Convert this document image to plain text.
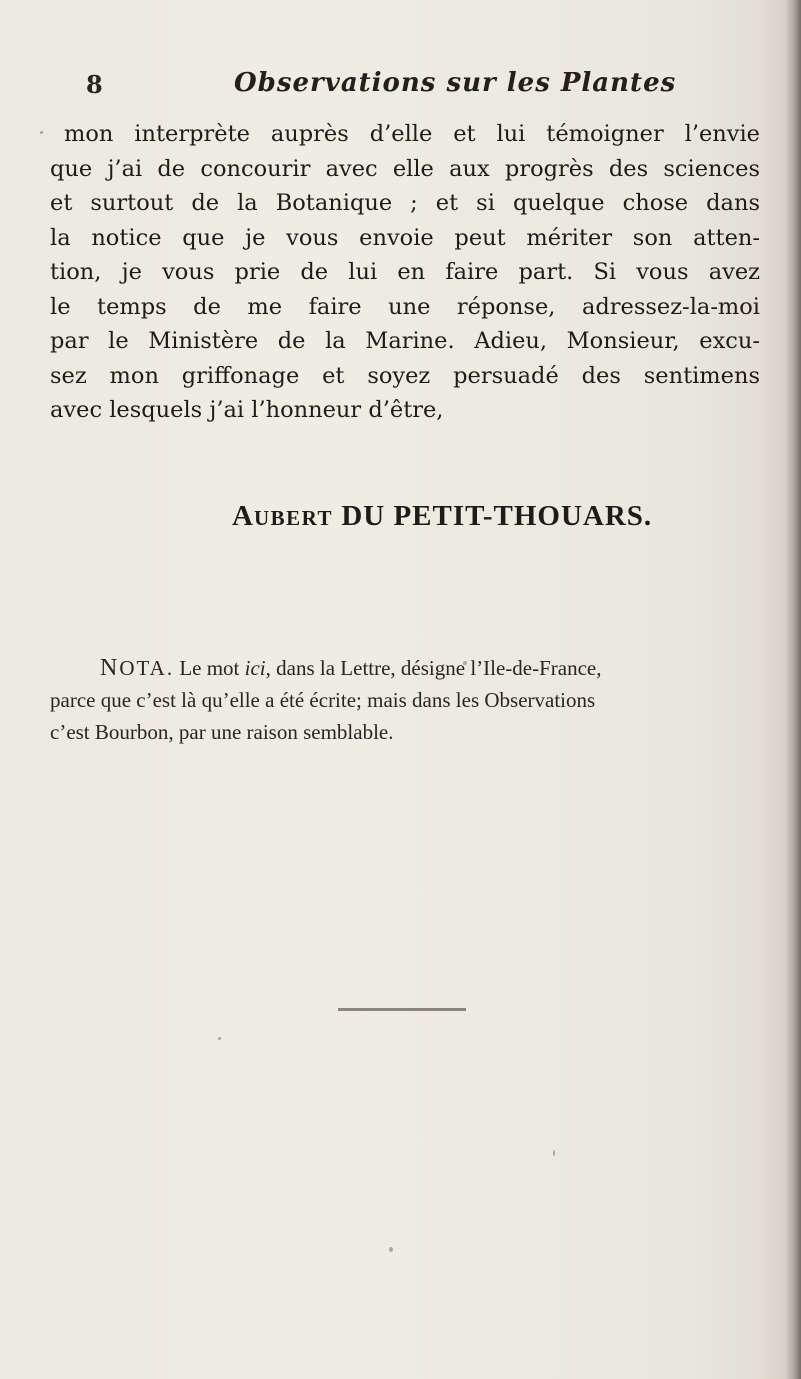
8	Observations sur les Plantes
mon interprète auprès d’elle et lui témoigner l’envie
que j’ai de concourir avec elle aux progrès des sciences
et surtout de la Botanique ; et si quelque chose dans
la notice que je vous envoie peut mériter son atten-
tion, je vous prie de lui en faire part. Si vous avez
le temps de me faire une réponse, adressez-la-moi
par le Ministère de la Marine. Adieu, Monsieur, excu-
sez mon griffonage et soyez persuadé des sentimens
avec lesquels j’ai l’honneur d’être,
AUBERT DU PETIT-THOUARS.
NOTA. Le mot ici, dans la Lettre, désigne l’Ile-de-France,
parce que c’est là qu’elle a été écrite; mais dans les Observations
c’est Bourbon, par une raison semblable.
